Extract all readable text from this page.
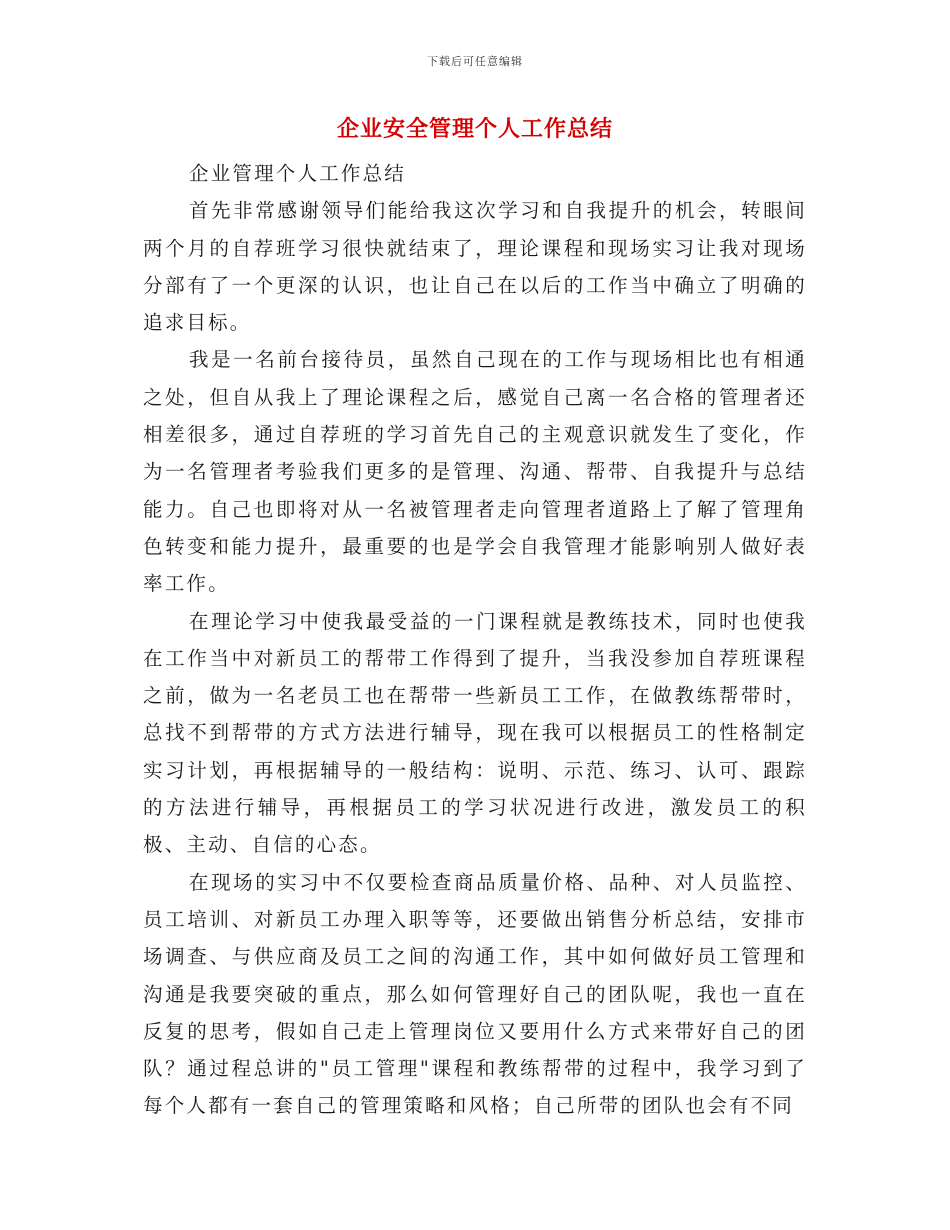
下载后可任意编辑
企业安全管理个人工作总结

企业管理个人工作总结

首先非常感谢领导们能给我这次学习和自我提升的机会，转眼间两个月的自荐班学习很快就结束了，理论课程和现场实习让我对现场分部有了一个更深的认识，也让自己在以后的工作当中确立了明确的追求目标。

我是一名前台接待员，虽然自己现在的工作与现场相比也有相通之处，但自从我上了理论课程之后，感觉自己离一名合格的管理者还相差很多，通过自荐班的学习首先自己的主观意识就发生了变化，作为一名管理者考验我们更多的是管理、沟通、帮带、自我提升与总结能力。自己也即将对从一名被管理者走向管理者道路上了解了管理角色转变和能力提升，最重要的也是学会自我管理才能影响别人做好表率工作。

在理论学习中使我最受益的一门课程就是教练技术，同时也使我在工作当中对新员工的帮带工作得到了提升，当我没参加自荐班课程之前，做为一名老员工也在帮带一些新员工工作，在做教练帮带时，总找不到帮带的方式方法进行辅导，现在我可以根据员工的性格制定实习计划，再根据辅导的一般结构：说明、示范、练习、认可、跟踪的方法进行辅导，再根据员工的学习状况进行改进，激发员工的积极、主动、自信的心态。

在现场的实习中不仅要检查商品质量价格、品种、对人员监控、员工培训、对新员工办理入职等等，还要做出销售分析总结，安排市场调查、与供应商及员工之间的沟通工作，其中如何做好员工管理和沟通是我要突破的重点，那么如何管理好自己的团队呢，我也一直在反复的思考，假如自己走上管理岗位又要用什么方式来带好自己的团队？通过程总讲的"员工管理"课程和教练帮带的过程中，我学习到了每个人都有一套自己的管理策略和风格；自己所带的团队也会有不同
